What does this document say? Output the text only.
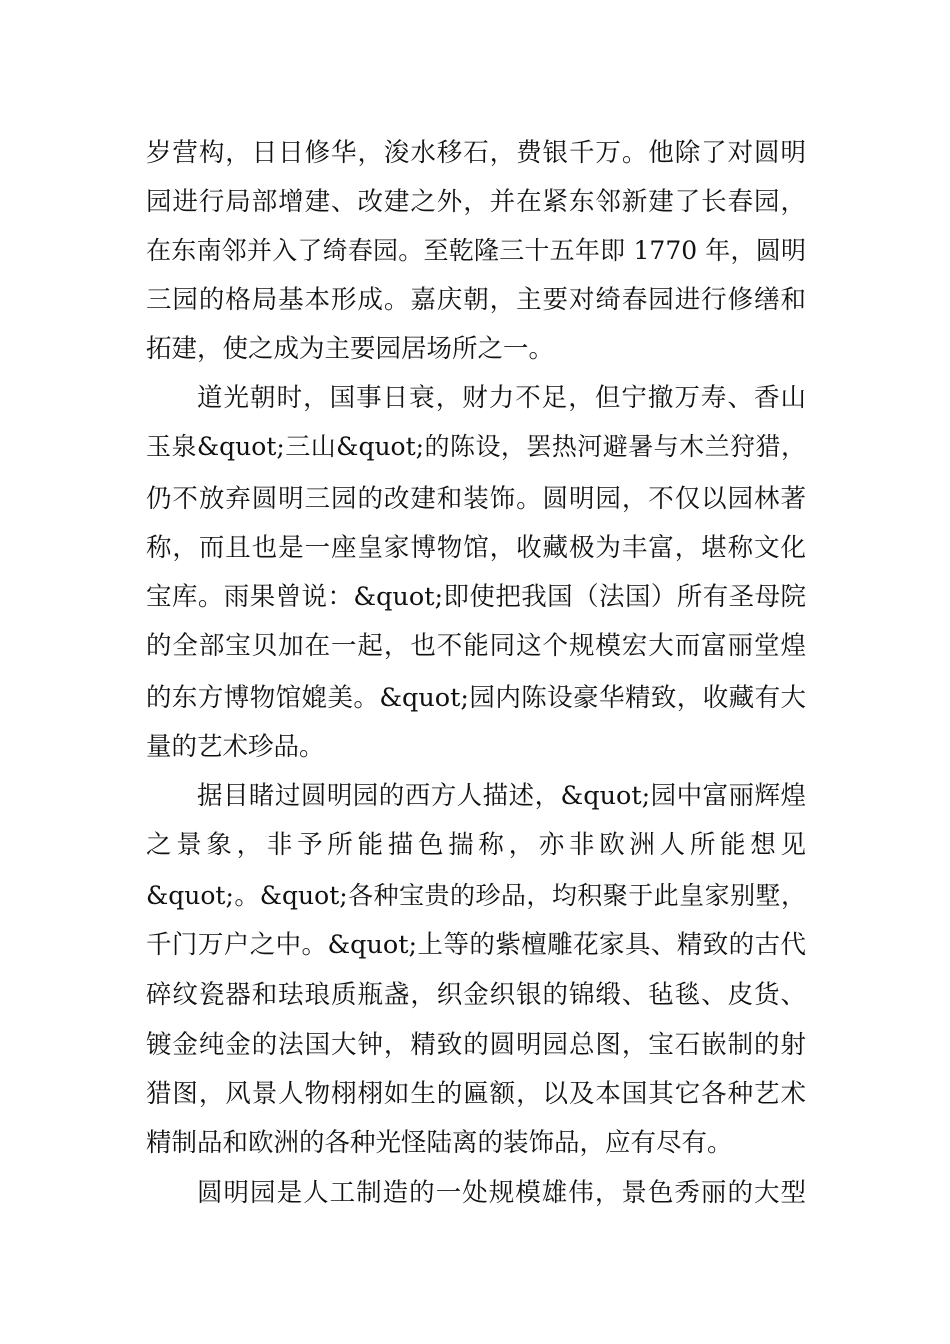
岁营构，日日修华，浚水移石，费银千万。他除了对圆明
园进行局部增建、改建之外，并在紧东邻新建了长春园，
在东南邻并入了绮春园。至乾隆三十五年即 1770 年，圆明
三园的格局基本形成。嘉庆朝，主要对绮春园进行修缮和
拓建，使之成为主要园居场所之一。
道光朝时，国事日衰，财力不足，但宁撤万寿、香山
玉泉&quot;三山&quot;的陈设，罢热河避暑与木兰狩猎，
仍不放弃圆明三园的改建和装饰。圆明园，不仅以园林著
称，而且也是一座皇家博物馆，收藏极为丰富，堪称文化
宝库。雨果曾说：&quot;即使把我国（法国）所有圣母院
的全部宝贝加在一起，也不能同这个规模宏大而富丽堂煌
的东方博物馆媲美。&quot;园内陈设豪华精致，收藏有大
量的艺术珍品。
据目睹过圆明园的西方人描述，&quot;园中富丽辉煌
之景象，非予所能描色揣称，亦非欧洲人所能想见
&quot;。&quot;各种宝贵的珍品，均积聚于此皇家别墅，
千门万户之中。&quot;上等的紫檀雕花家具、精致的古代
碎纹瓷器和珐琅质瓶盏，织金织银的锦缎、毡毯、皮货、
镀金纯金的法国大钟，精致的圆明园总图，宝石嵌制的射
猎图，风景人物栩栩如生的匾额，以及本国其它各种艺术
精制品和欧洲的各种光怪陆离的装饰品，应有尽有。
圆明园是人工制造的一处规模雄伟，景色秀丽的大型
